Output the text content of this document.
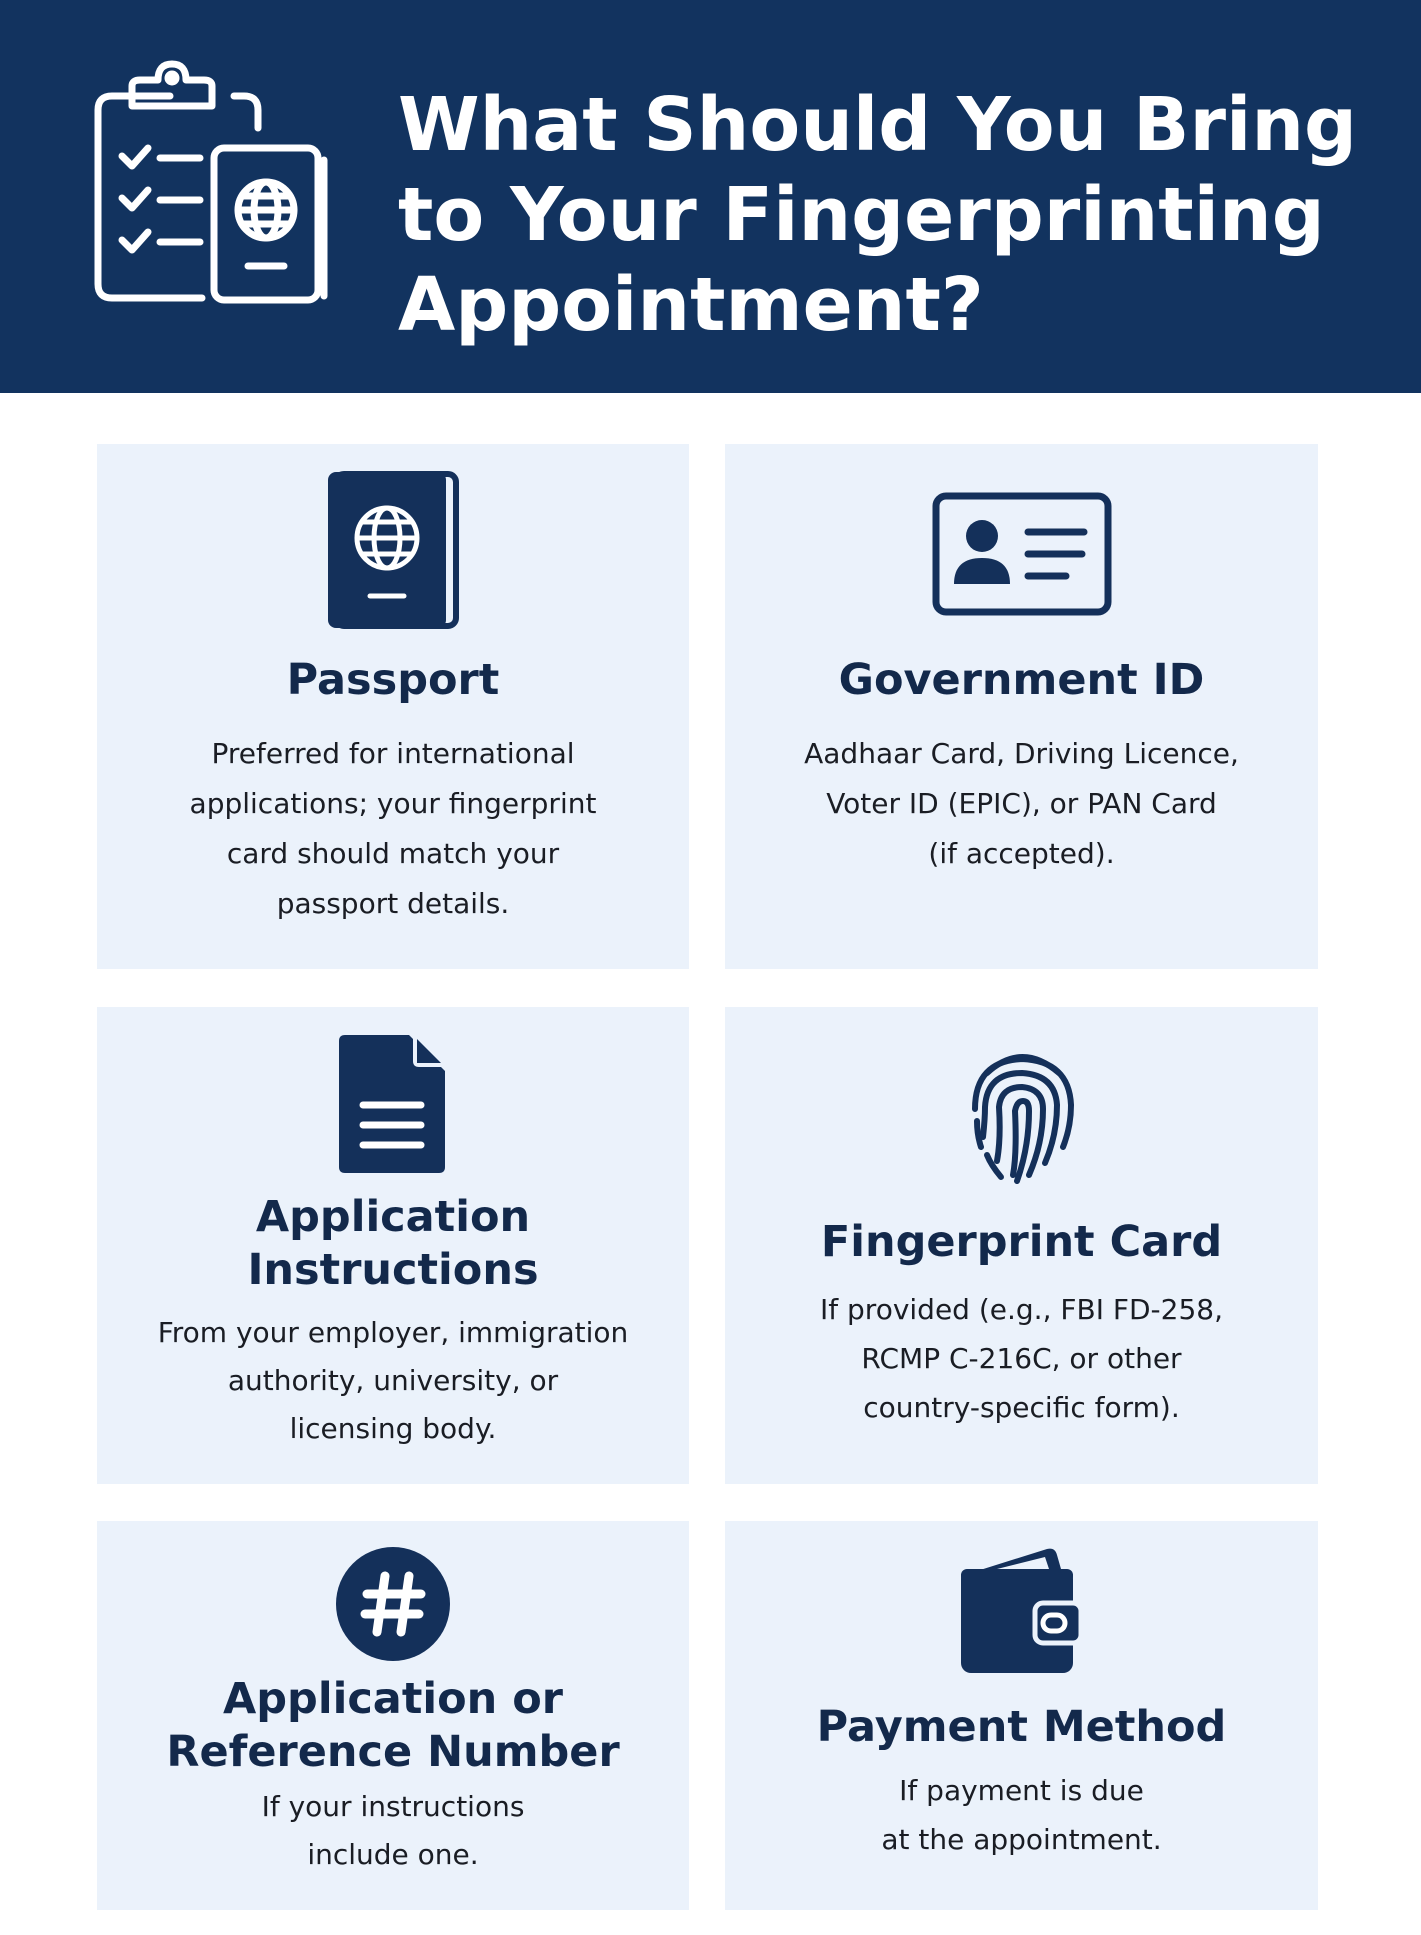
What Should You Bring
to Your Fingerprinting
Appointment?
Passport
Preferred for international
applications; your fingerprint
card should match your
passport details.
Government ID
Aadhaar Card, Driving Licence,
Voter ID (EPIC), or PAN Card
(if accepted).
Application
Instructions
From your employer, immigration
authority, university, or
licensing body.
Fingerprint Card
If provided (e.g., FBI FD-258,
RCMP C-216C, or other
country-specific form).
Application or
Reference Number
If your instructions
include one.
Payment Method
If payment is due
at the appointment.
